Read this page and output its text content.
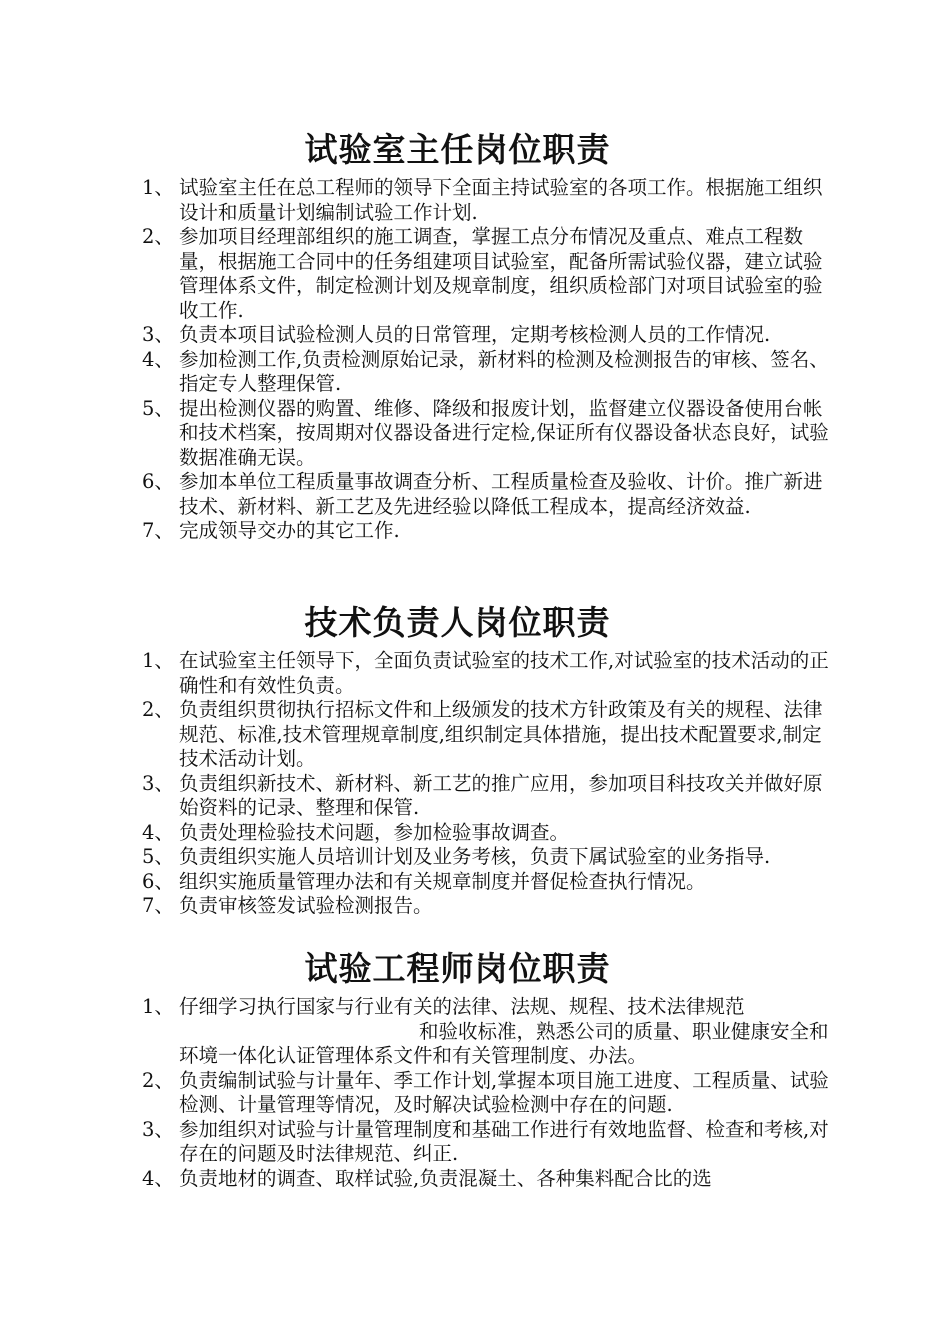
试验室主任岗位职责
1、 试验室主任在总工程师的领导下全面主持试验室的各项工作。根据施工组织设计和质量计划编制试验工作计划.
2、 参加项目经理部组织的施工调查，掌握工点分布情况及重点、难点工程数量，根据施工合同中的任务组建项目试验室，配备所需试验仪器，建立试验管理体系文件，制定检测计划及规章制度，组织质检部门对项目试验室的验收工作.
3、 负责本项目试验检测人员的日常管理，定期考核检测人员的工作情况.
4、 参加检测工作,负责检测原始记录，新材料的检测及检测报告的审核、签名、指定专人整理保管.
5、 提出检测仪器的购置、维修、降级和报废计划，监督建立仪器设备使用台帐和技术档案，按周期对仪器设备进行定检,保证所有仪器设备状态良好，试验数据准确无误。
6、 参加本单位工程质量事故调查分析、工程质量检查及验收、计价。推广新进技术、新材料、新工艺及先进经验以降低工程成本，提高经济效益.
7、 完成领导交办的其它工作.
技术负责人岗位职责
1、 在试验室主任领导下，全面负责试验室的技术工作,对试验室的技术活动的正确性和有效性负责。
2、 负责组织贯彻执行招标文件和上级颁发的技术方针政策及有关的规程、法律规范、标准,技术管理规章制度,组织制定具体措施，提出技术配置要求,制定技术活动计划。
3、 负责组织新技术、新材料、新工艺的推广应用，参加项目科技攻关并做好原始资料的记录、整理和保管.
4、 负责处理检验技术问题，参加检验事故调查。
5、 负责组织实施人员培训计划及业务考核，负责下属试验室的业务指导.
6、 组织实施质量管理办法和有关规章制度并督促检查执行情况。
7、 负责审核签发试验检测报告。
试验工程师岗位职责
1、 仔细学习执行国家与行业有关的法律、法规、规程、技术法律规范和验收标准，熟悉公司的质量、职业健康安全和环境一体化认证管理体系文件和有关管理制度、办法。
2、 负责编制试验与计量年、季工作计划,掌握本项目施工进度、工程质量、试验检测、计量管理等情况，及时解决试验检测中存在的问题.
3、 参加组织对试验与计量管理制度和基础工作进行有效地监督、检查和考核,对存在的问题及时法律规范、纠正.
4、 负责地材的调查、取样试验,负责混凝土、各种集料配合比的选
